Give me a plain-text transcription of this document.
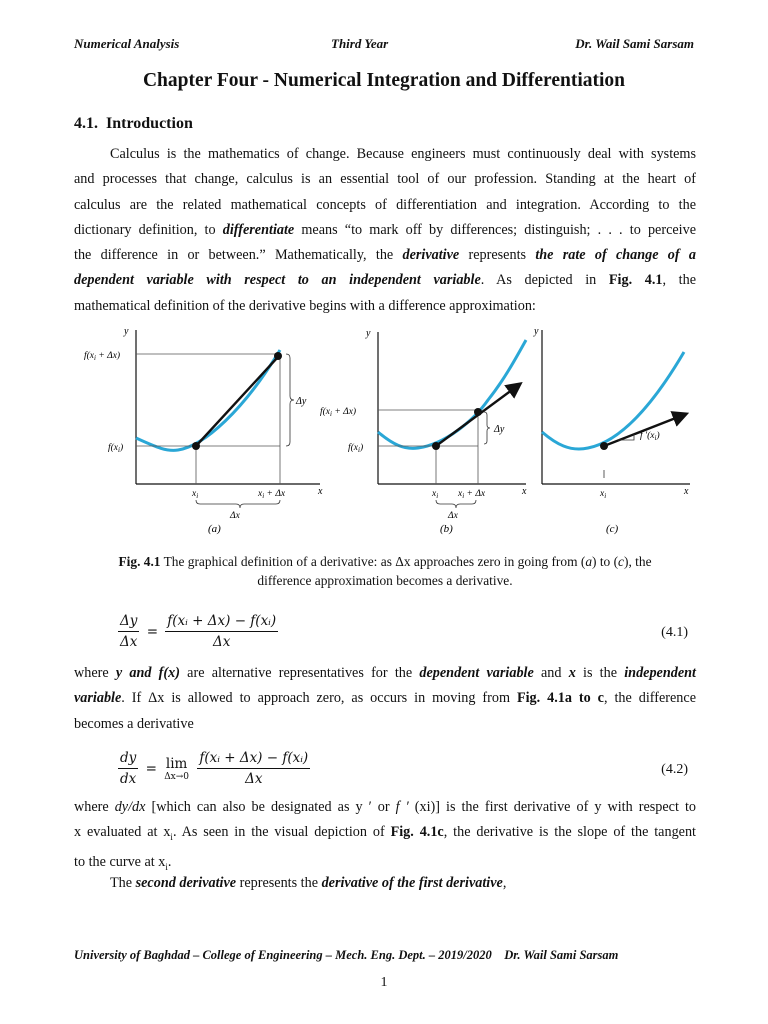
Numerical Analysis	Third Year	Dr. Wail Sami Sarsam
Chapter Four - Numerical Integration and Differentiation
4.1. Introduction
Calculus is the mathematics of change. Because engineers must continuously deal with systems
and processes that change, calculus is an essential tool of our profession. Standing at the heart of
calculus are the related mathematical concepts of differentiation and integration. According to the
dictionary definition, to differentiate means “to mark off by differences; distinguish; . . . to perceive
the difference in or between.” Mathematically, the derivative represents the rate of change of a
dependent variable with respect to an independent variable. As depicted in Fig. 4.1, the
mathematical definition of the derivative begins with a difference approximation:
y
x
Δy
$f(x_i + \Delta x)$
$f(x_i)$
$x_i$	$x_i + \Delta x$
Δx
(a)
y
x
Δy
$f(x_i + \Delta x)$
$f(x_i)$
$x_i$ $x_i + \Delta x$
Δx
(b)
y
x
f $'(x_i)$
$x_i$
(c)
Fig. 4.1 The graphical definition of a derivative: as Δx approaches zero in going from (a) to (c), the
difference approximation becomes a derivative.
$\frac{\Delta y}{\Delta x} = \frac{\text{f(xᵢ + Δx) − f(xᵢ)}}{\Delta x}$	(4.1)
where y and f(x) are alternative representatives for the dependent variable and x is the independent
variable. If Δx is allowed to approach zero, as occurs in moving from Fig. 4.1a to c, the difference
becomes a derivative
$\frac{dy}{dx} = \lim$
Δx→0
$\frac{\text{f(xᵢ + Δx) − f(xᵢ)}}{\Delta x}$	(4.2)
where dy/dx [which can also be designated as y ′ or f ′ (xi)] is the first derivative of y with respect to
x evaluated at $x_i$. As seen in the visual depiction of Fig. 4.1c, the derivative is the slope of the tangent
to the curve at $x_i$.
The second derivative represents the derivative of the first derivative,
University of Baghdad – College of Engineering – Mech. Eng. Dept. – 2019/2020 Dr. Wail Sami Sarsam
1
